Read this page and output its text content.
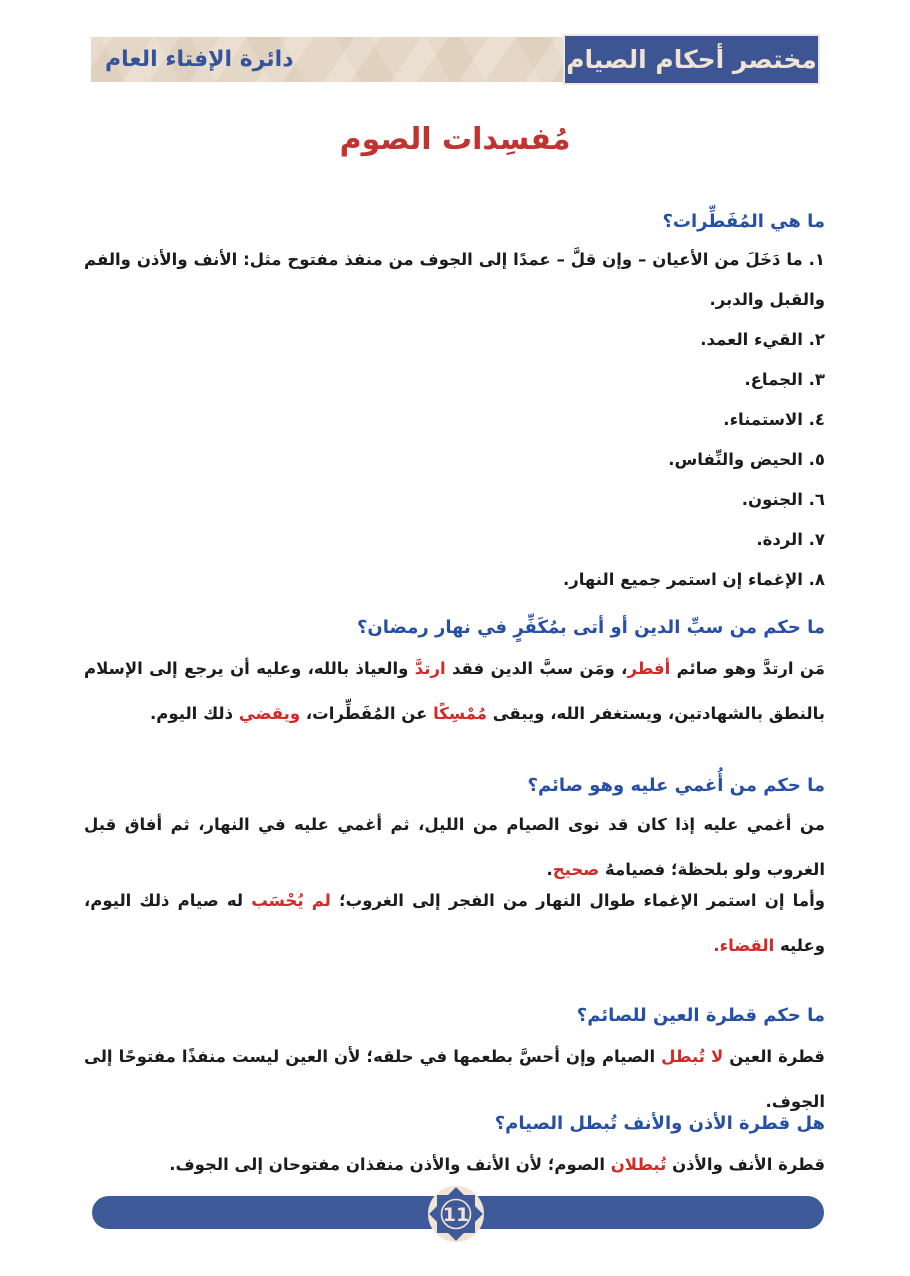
مختصر أحكام الصيام
دائرة الإفتاء العام
مُفسِدات الصوم
ما هي المُفَطِّرات؟
١. ما دَخَلَ من الأعيان – وإن قلَّ – عمدًا إلى الجوف من منفذ مفتوح مثل: الأنف والأذن والفم والقبل والدبر.
٢. القيء العمد.
٣. الجماع.
٤. الاستمناء.
٥. الحيض والنِّفاس.
٦. الجنون.
٧. الردة.
٨. الإغماء إن استمر جميع النهار.
ما حكم من سبِّ الدين أو أتى بمُكَفِّرٍ في نهار رمضان؟
مَن ارتدَّ وهو صائم أفطر، ومَن سبَّ الدين فقد ارتدَّ والعياذ بالله، وعليه أن يرجع إلى الإسلام بالنطق بالشهادتين، ويستغفر الله، ويبقى مُمْسِكًا عن المُفَطِّرات، ويقضي ذلك اليوم.
ما حكم من أُغمي عليه وهو صائم؟
من أغمي عليه إذا كان قد نوى الصيام من الليل، ثم أغمي عليه في النهار، ثم أفاق قبل الغروب ولو بلحظة؛ فصيامهُ صحيح.
وأما إن استمر الإغماء طوال النهار من الفجر إلى الغروب؛ لم يُحْسَب له صيام ذلك اليوم، وعليه القضاء.
ما حكم قطرة العين للصائم؟
قطرة العين لا تُبطل الصيام وإن أحسَّ بطعمها في حلقه؛ لأن العين ليست منفذًا مفتوحًا إلى الجوف.
هل قطرة الأذن والأنف تُبطل الصيام؟
قطرة الأنف والأذن تُبطلان الصوم؛ لأن الأنف والأذن منفذان مفتوحان إلى الجوف.
11
